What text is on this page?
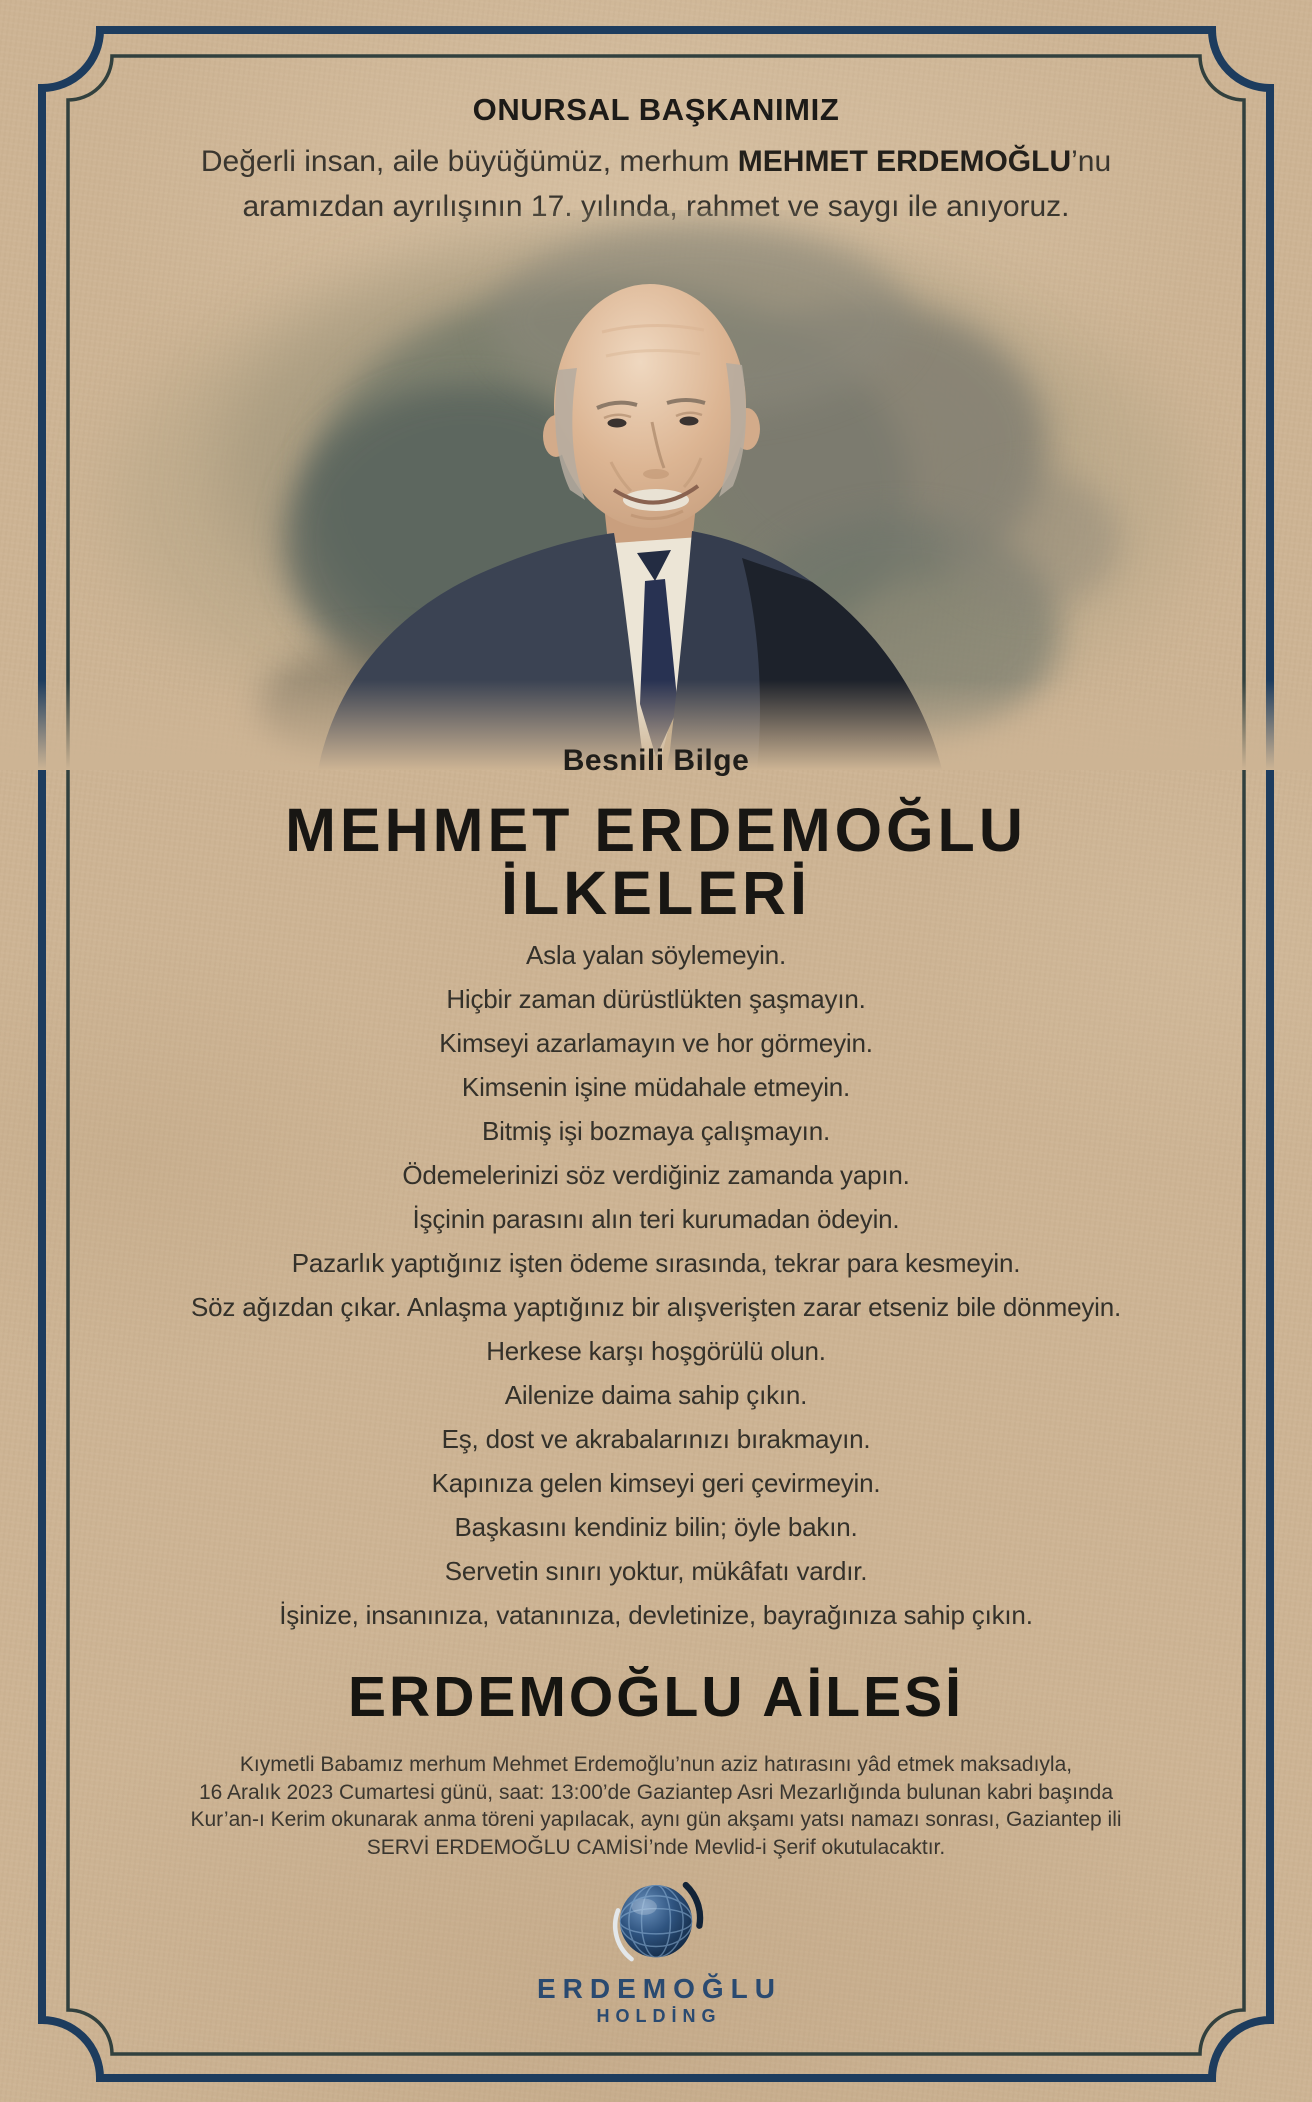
ONURSAL BAŞKANIMIZ

Değerli insan, aile büyüğümüz, merhum MEHMET ERDEMOĞLU’nu
aramızdan ayrılışının 17. yılında, rahmet ve saygı ile anıyoruz.

Besnili Bilge
MEHMET ERDEMOĞLU
İLKELERİ
Asla yalan söylemeyin.
Hiçbir zaman dürüstlükten şaşmayın.
Kimseyi azarlamayın ve hor görmeyin.
Kimsenin işine müdahale etmeyin.
Bitmiş işi bozmaya çalışmayın.
Ödemelerinizi söz verdiğiniz zamanda yapın.
İşçinin parasını alın teri kurumadan ödeyin.
Pazarlık yaptığınız işten ödeme sırasında, tekrar para kesmeyin.
Söz ağızdan çıkar. Anlaşma yaptığınız bir alışverişten zarar etseniz bile dönmeyin.
Herkese karşı hoşgörülü olun.
Ailenize daima sahip çıkın.
Eş, dost ve akrabalarınızı bırakmayın.
Kapınıza gelen kimseyi geri çevirmeyin.
Başkasını kendiniz bilin; öyle bakın.
Servetin sınırı yoktur, mükâfatı vardır.
İşinize, insanınıza, vatanınıza, devletinize, bayrağınıza sahip çıkın.
ERDEMOĞLU AİLESİ
Kıymetli Babamız merhum Mehmet Erdemoğlu’nun aziz hatırasını yâd etmek maksadıyla,
16 Aralık 2023 Cumartesi günü, saat: 13:00’de Gaziantep Asri Mezarlığında bulunan kabri başında
Kur’an-ı Kerim okunarak anma töreni yapılacak, aynı gün akşamı yatsı namazı sonrası, Gaziantep ili
SERVİ ERDEMOĞLU CAMİSİ’nde Mevlid-i Şerif okutulacaktır.
ERDEMOĞLU
HOLDİNG
